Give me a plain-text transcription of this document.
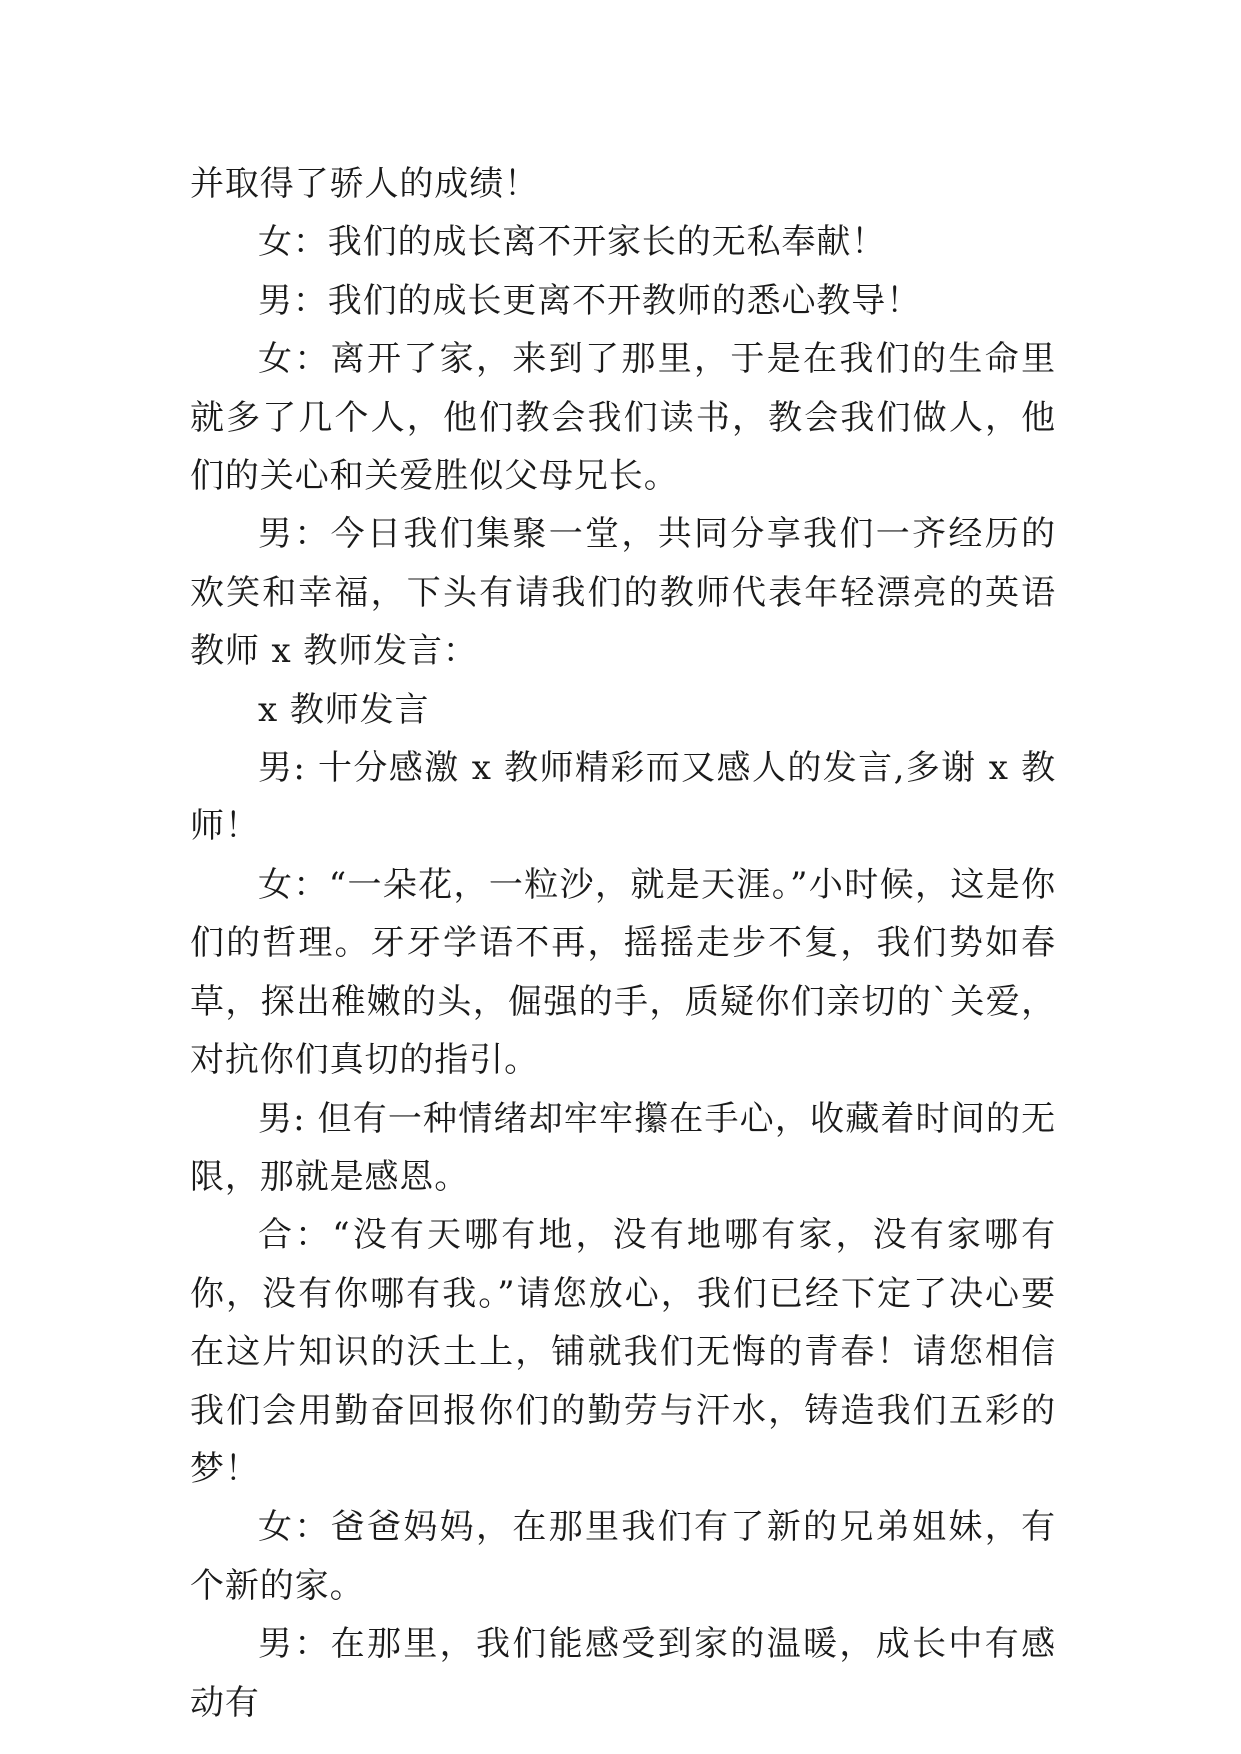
并取得了骄人的成绩！

女：我们的成长离不开家长的无私奉献！

男：我们的成长更离不开教师的悉心教导！

女：离开了家，来到了那里，于是在我们的生命里就多了几个人，他们教会我们读书，教会我们做人，他们的关心和关爱胜似父母兄长。

男：今日我们集聚一堂，共同分享我们一齐经历的欢笑和幸福，下头有请我们的教师代表年轻漂亮的英语教师 x 教师发言：

x 教师发言

男: 十分感激 x 教师精彩而又感人的发言,多谢 x 教师！

女：“一朵花，一粒沙，就是天涯。”小时候，这是你们的哲理。牙牙学语不再，摇摇走步不复，我们势如春草，探出稚嫩的头，倔强的手，质疑你们亲切的`关爱，对抗你们真切的指引。

男: 但有一种情绪却牢牢攥在手心，收藏着时间的无限，那就是感恩。

合：“没有天哪有地，没有地哪有家，没有家哪有你，没有你哪有我。”请您放心，我们已经下定了决心要在这片知识的沃土上，铺就我们无悔的青春！请您相信我们会用勤奋回报你们的勤劳与汗水，铸造我们五彩的梦！

女：爸爸妈妈，在那里我们有了新的兄弟姐妹，有个新的家。

男：在那里，我们能感受到家的温暖，成长中有感动有
